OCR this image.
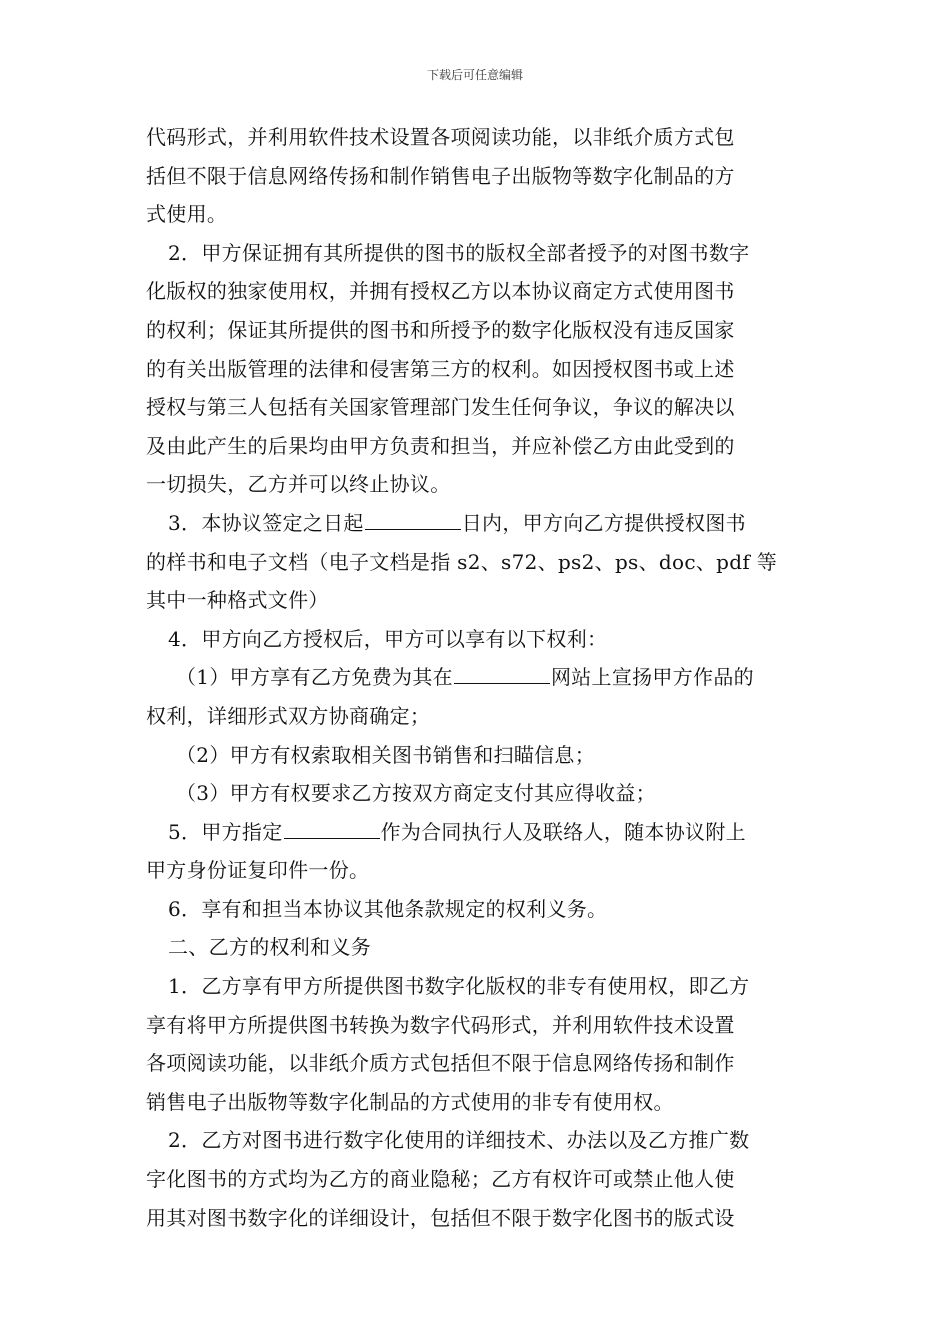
下载后可任意编辑
代码形式，并利用软件技术设置各项阅读功能，以非纸介质方式包
括但不限于信息网络传扬和制作销售电子出版物等数字化制品的方
式使用。
2．甲方保证拥有其所提供的图书的版权全部者授予的对图书数字
化版权的独家使用权，并拥有授权乙方以本协议商定方式使用图书
的权利；保证其所提供的图书和所授予的数字化版权没有违反国家
的有关出版管理的法律和侵害第三方的权利。如因授权图书或上述
授权与第三人包括有关国家管理部门发生任何争议，争议的解决以
及由此产生的后果均由甲方负责和担当，并应补偿乙方由此受到的
一切损失，乙方并可以终止协议。
3．本协议签定之日起	日内，甲方向乙方提供授权图书
的样书和电子文档（电子文档是指 s2、s72、ps2、ps、doc、pdf 等
其中一种格式文件）
4．甲方向乙方授权后，甲方可以享有以下权利：
（1）甲方享有乙方免费为其在	网站上宣扬甲方作品的
权利，详细形式双方协商确定；
（2）甲方有权索取相关图书销售和扫瞄信息；
（3）甲方有权要求乙方按双方商定支付其应得收益；
5．甲方指定	作为合同执行人及联络人，随本协议附上
甲方身份证复印件一份。
6．享有和担当本协议其他条款规定的权利义务。
二、乙方的权利和义务
1．乙方享有甲方所提供图书数字化版权的非专有使用权，即乙方
享有将甲方所提供图书转换为数字代码形式，并利用软件技术设置
各项阅读功能，以非纸介质方式包括但不限于信息网络传扬和制作
销售电子出版物等数字化制品的方式使用的非专有使用权。
2．乙方对图书进行数字化使用的详细技术、办法以及乙方推广数
字化图书的方式均为乙方的商业隐秘；乙方有权许可或禁止他人使
用其对图书数字化的详细设计，包括但不限于数字化图书的版式设
